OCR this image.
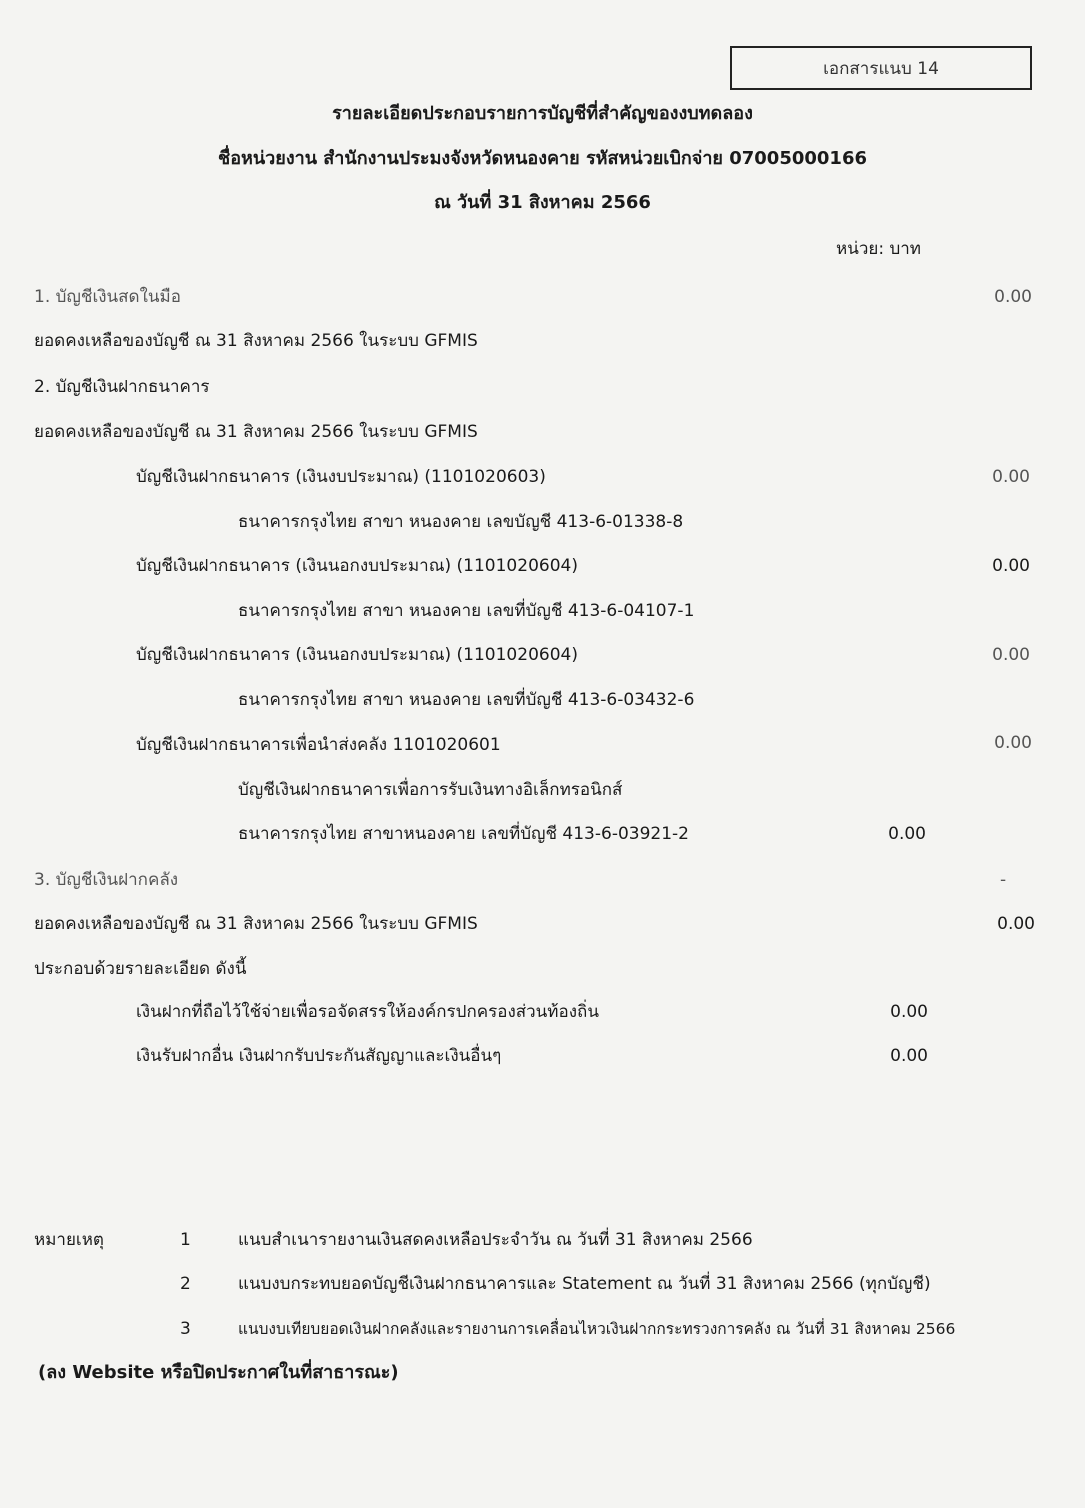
เอกสารแนบ 14
รายละเอียดประกอบรายการบัญชีที่สำคัญของงบทดลอง
ชื่อหน่วยงาน สำนักงานประมงจังหวัดหนองคาย รหัสหน่วยเบิกจ่าย 07005000166
ณ วันที่ 31 สิงหาคม 2566
หน่วย: บาท
1. บัญชีเงินสดในมือ	0.00
ยอดคงเหลือของบัญชี ณ 31 สิงหาคม 2566 ในระบบ GFMIS
2. บัญชีเงินฝากธนาคาร
ยอดคงเหลือของบัญชี ณ 31 สิงหาคม 2566 ในระบบ GFMIS
บัญชีเงินฝากธนาคาร (เงินงบประมาณ) (1101020603)	0.00
ธนาคารกรุงไทย สาขา หนองคาย เลขบัญชี 413-6-01338-8
บัญชีเงินฝากธนาคาร (เงินนอกงบประมาณ) (1101020604)	0.00
ธนาคารกรุงไทย สาขา หนองคาย เลขที่บัญชี 413-6-04107-1
บัญชีเงินฝากธนาคาร (เงินนอกงบประมาณ) (1101020604)	0.00
ธนาคารกรุงไทย สาขา หนองคาย เลขที่บัญชี 413-6-03432-6
บัญชีเงินฝากธนาคารเพื่อนำส่งคลัง 1101020601	0.00
บัญชีเงินฝากธนาคารเพื่อการรับเงินทางอิเล็กทรอนิกส์
ธนาคารกรุงไทย สาขาหนองคาย เลขที่บัญชี 413-6-03921-2	0.00
3. บัญชีเงินฝากคลัง	-
ยอดคงเหลือของบัญชี ณ 31 สิงหาคม 2566 ในระบบ GFMIS	0.00
ประกอบด้วยรายละเอียด ดังนี้
เงินฝากที่ถือไว้ใช้จ่ายเพื่อรอจัดสรรให้องค์กรปกครองส่วนท้องถิ่น	0.00
เงินรับฝากอื่น เงินฝากรับประกันสัญญาและเงินอื่นๆ	0.00
หมายเหตุ	1	แนบสำเนารายงานเงินสดคงเหลือประจำวัน ณ วันที่ 31 สิงหาคม 2566
2	แนบงบกระทบยอดบัญชีเงินฝากธนาคารและ Statement ณ วันที่ 31 สิงหาคม 2566 (ทุกบัญชี)
3	แนบงบเทียบยอดเงินฝากคลังและรายงานการเคลื่อนไหวเงินฝากกระทรวงการคลัง ณ วันที่ 31 สิงหาคม 2566
(ลง Website หรือปิดประกาศในที่สาธารณะ)
